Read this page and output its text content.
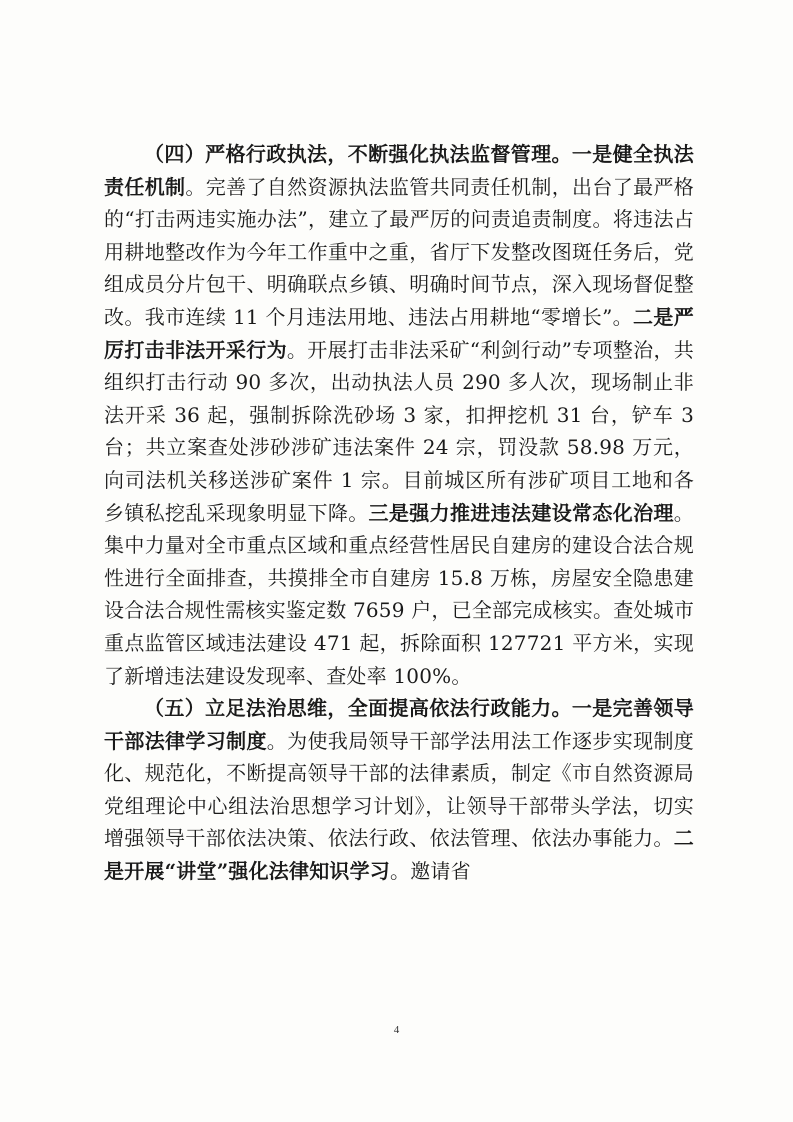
（四）严格行政执法，不断强化执法监督管理。一是健全执法责任机制。完善了自然资源执法监管共同责任机制，出台了最严格的“打击两违实施办法”，建立了最严厉的问责追责制度。将违法占用耕地整改作为今年工作重中之重，省厅下发整改图斑任务后，党组成员分片包干、明确联点乡镇、明确时间节点，深入现场督促整改。我市连续 11 个月违法用地、违法占用耕地“零增长”。二是严厉打击非法开采行为。开展打击非法采矿“利剑行动”专项整治，共组织打击行动 90 多次，出动执法人员 290 多人次，现场制止非法开采 36 起，强制拆除洗砂场 3 家，扣押挖机 31 台，铲车 3 台；共立案查处涉砂涉矿违法案件 24 宗，罚没款 58.98 万元，向司法机关移送涉矿案件 1 宗。目前城区所有涉矿项目工地和各乡镇私挖乱采现象明显下降。三是强力推进违法建设常态化治理。集中力量对全市重点区域和重点经营性居民自建房的建设合法合规性进行全面排查，共摸排全市自建房 15.8 万栋，房屋安全隐患建设合法合规性需核实鉴定数 7659 户，已全部完成核实。查处城市重点监管区域违法建设 471 起，拆除面积 127721 平方米，实现了新增违法建设发现率、查处率 100%。

（五）立足法治思维，全面提高依法行政能力。一是完善领导干部法律学习制度。为使我局领导干部学法用法工作逐步实现制度化、规范化，不断提高领导干部的法律素质，制定《市自然资源局党组理论中心组法治思想学习计划》，让领导干部带头学法，切实增强领导干部依法决策、依法行政、依法管理、依法办事能力。二是开展“讲堂”强化法律知识学习。邀请省

4
